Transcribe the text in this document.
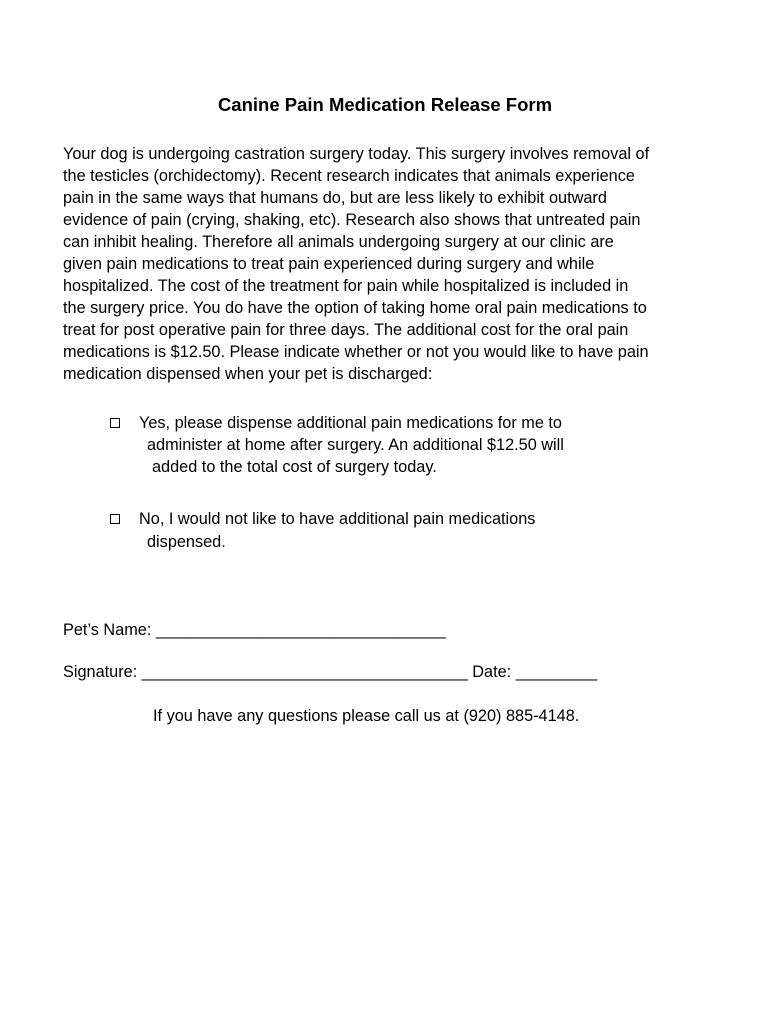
Canine Pain Medication Release Form
Your dog is undergoing castration surgery today. This surgery involves removal of
the testicles (orchidectomy). Recent research indicates that animals experience
pain in the same ways that humans do, but are less likely to exhibit outward
evidence of pain (crying, shaking, etc). Research also shows that untreated pain
can inhibit healing. Therefore all animals undergoing surgery at our clinic are
given pain medications to treat pain experienced during surgery and while
hospitalized. The cost of the treatment for pain while hospitalized is included in
the surgery price. You do have the option of taking home oral pain medications to
treat for post operative pain for three days. The additional cost for the oral pain
medications is $12.50. Please indicate whether or not you would like to have pain
medication dispensed when your pet is discharged:
Yes, please dispense additional pain medications for me to
administer at home after surgery. An additional $12.50 will
added to the total cost of surgery today.
No, I would not like to have additional pain medications
dispensed.
Pet’s Name: ________________________________
Signature: ____________________________________ Date: _________
If you have any questions please call us at (920) 885-4148.
